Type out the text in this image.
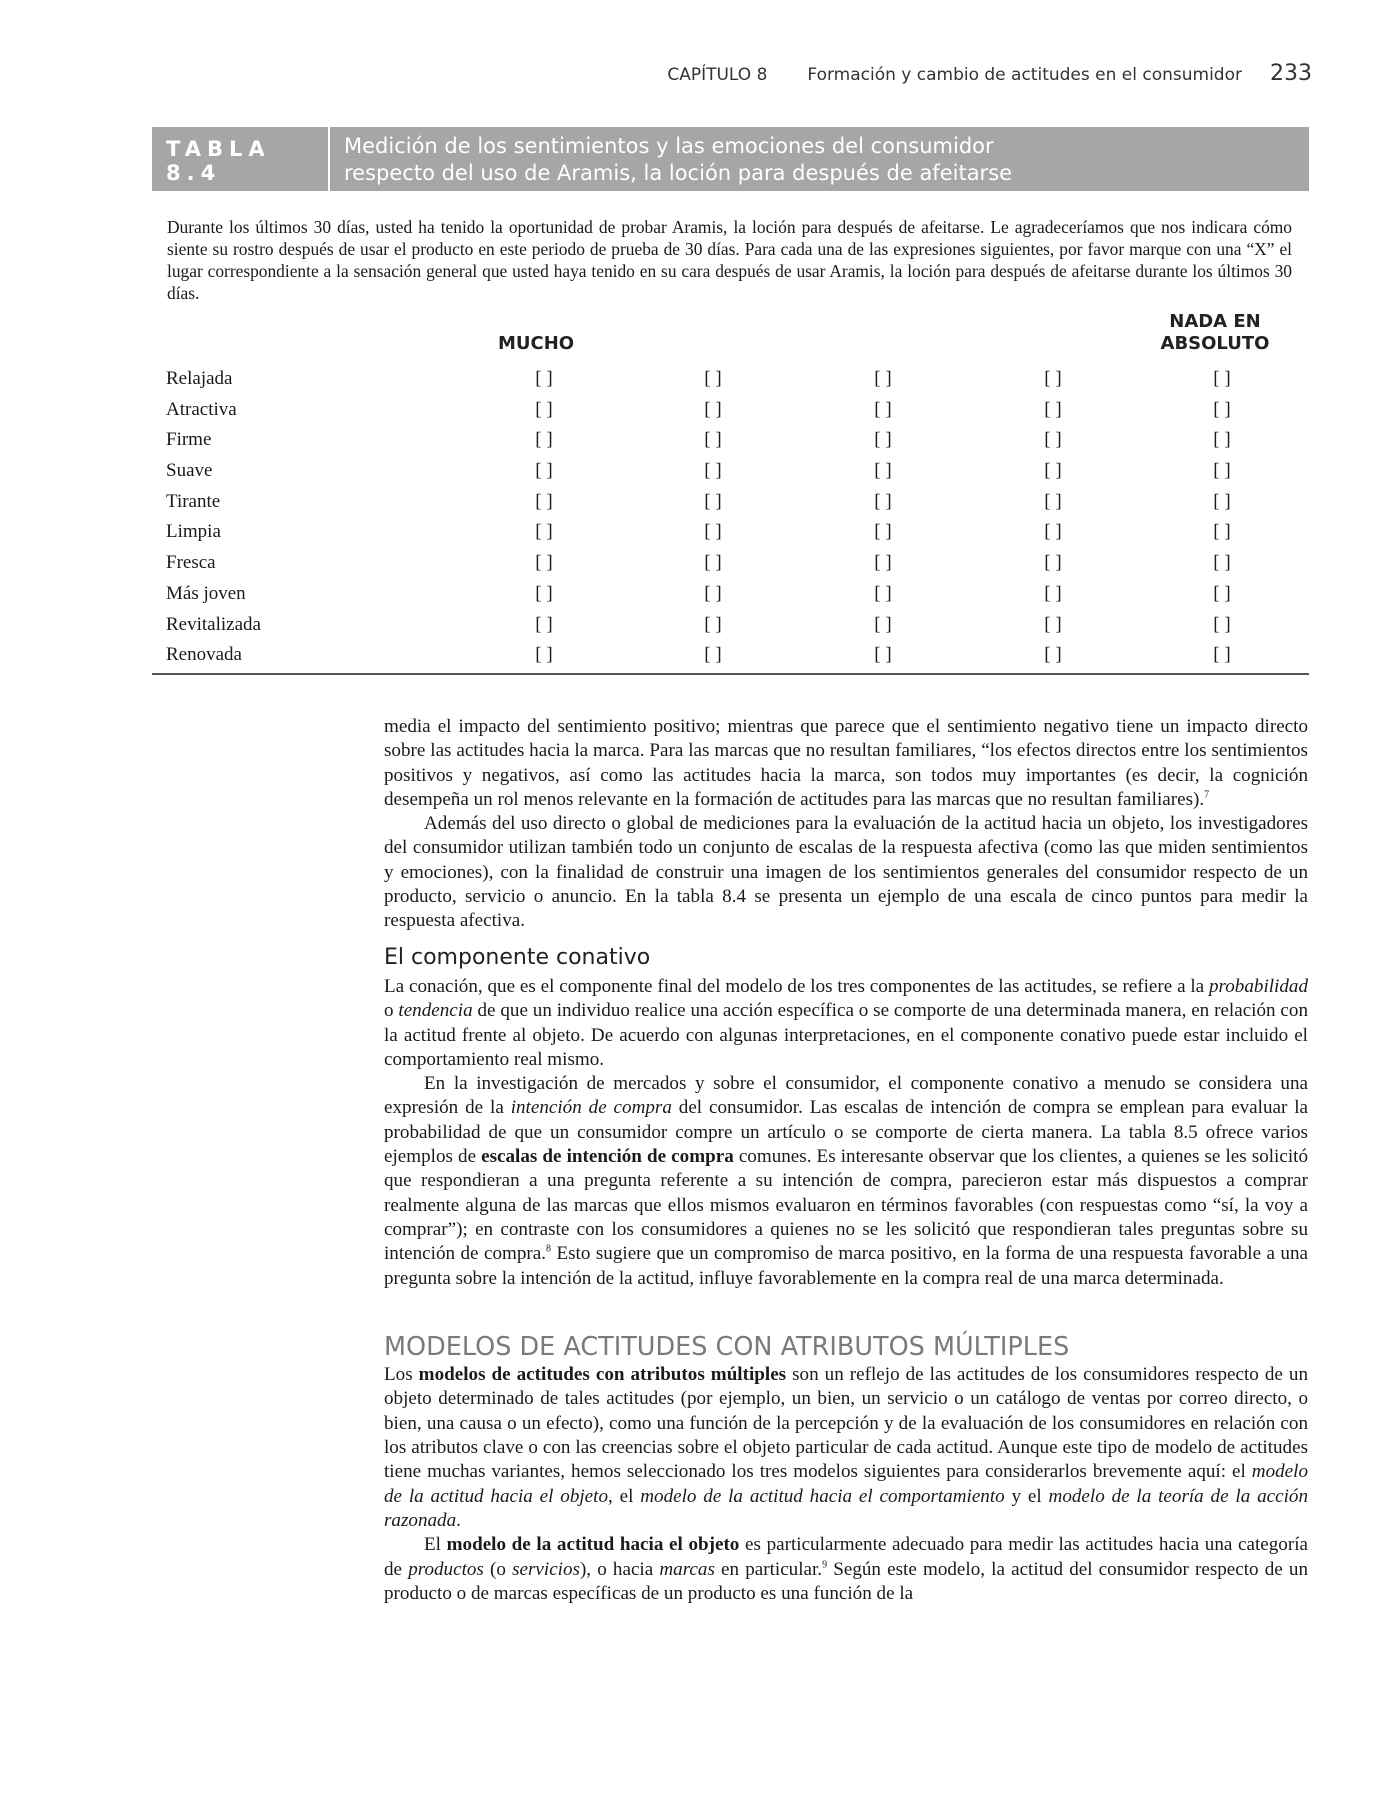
CAPÍTULO 8 Formación y cambio de actitudes en el consumidor 233
TABLA 8.4
Medición de los sentimientos y las emociones del consumidor
respecto del uso de Aramis, la loción para después de afeitarse
Durante los últimos 30 días, usted ha tenido la oportunidad de probar Aramis, la loción para después de afeitarse. Le agradeceríamos que nos indicara cómo siente su rostro después de usar el producto en este periodo de prueba de 30 días. Para cada una de las expresiones siguientes, por favor marque con una “X” el lugar correspondiente a la sensación general que usted haya tenido en su cara después de usar Aramis, la loción para después de afeitarse durante los últimos 30 días.
MUCHO
NADA EN
ABSOLUTO
Relajada	[ ]	[ ]	[ ]	[ ]	[ ]
Atractiva	[ ]	[ ]	[ ]	[ ]	[ ]
Firme	[ ]	[ ]	[ ]	[ ]	[ ]
Suave	[ ]	[ ]	[ ]	[ ]	[ ]
Tirante	[ ]	[ ]	[ ]	[ ]	[ ]
Limpia	[ ]	[ ]	[ ]	[ ]	[ ]
Fresca	[ ]	[ ]	[ ]	[ ]	[ ]
Más joven	[ ]	[ ]	[ ]	[ ]	[ ]
Revitalizada	[ ]	[ ]	[ ]	[ ]	[ ]
Renovada	[ ]	[ ]	[ ]	[ ]	[ ]

media el impacto del sentimiento positivo; mientras que parece que el sentimiento negativo tiene un impacto directo sobre las actitudes hacia la marca. Para las marcas que no resultan familiares, “los efectos directos entre los sentimientos positivos y negativos, así como las actitudes hacia la marca, son todos muy importantes (es decir, la cognición desempeña un rol menos relevante en la formación de actitudes para las marcas que no resultan familiares).$^7$

Además del uso directo o global de mediciones para la evaluación de la actitud hacia un objeto, los investigadores del consumidor utilizan también todo un conjunto de escalas de la respuesta afectiva (como las que miden sentimientos y emociones), con la finalidad de construir una imagen de los sentimientos generales del consumidor respecto de un producto, servicio o anuncio. En la tabla 8.4 se presenta un ejemplo de una escala de cinco puntos para medir la respuesta afectiva.

El componente conativo

La conación, que es el componente final del modelo de los tres componentes de las actitudes, se refiere a la probabilidad o tendencia de que un individuo realice una acción específica o se comporte de una determinada manera, en relación con la actitud frente al objeto. De acuerdo con algunas interpretaciones, en el componente conativo puede estar incluido el comportamiento real mismo.

En la investigación de mercados y sobre el consumidor, el componente conativo a menudo se considera una expresión de la intención de compra del consumidor. Las escalas de intención de compra se emplean para evaluar la probabilidad de que un consumidor compre un artículo o se comporte de cierta manera. La tabla 8.5 ofrece varios ejemplos de escalas de intención de compra comunes. Es interesante observar que los clientes, a quienes se les solicitó que respondieran a una pregunta referente a su intención de compra, parecieron estar más dispuestos a comprar realmente alguna de las marcas que ellos mismos evaluaron en términos favorables (con respuestas como “sí, la voy a comprar”); en contraste con los consumidores a quienes no se les solicitó que respondieran tales preguntas sobre su intención de compra.$^8$ Esto sugiere que un compromiso de marca positivo, en la forma de una respuesta favorable a una pregunta sobre la intención de la actitud, influye favorablemente en la compra real de una marca determinada.

MODELOS DE ACTITUDES CON ATRIBUTOS MÚLTIPLES

Los modelos de actitudes con atributos múltiples son un reflejo de las actitudes de los consumidores respecto de un objeto determinado de tales actitudes (por ejemplo, un bien, un servicio o un catálogo de ventas por correo directo, o bien, una causa o un efecto), como una función de la percepción y de la evaluación de los consumidores en relación con los atributos clave o con las creencias sobre el objeto particular de cada actitud. Aunque este tipo de modelo de actitudes tiene muchas variantes, hemos seleccionado los tres modelos siguientes para considerarlos brevemente aquí: el modelo de la actitud hacia el objeto, el modelo de la actitud hacia el comportamiento y el modelo de la teoría de la acción razonada.

El modelo de la actitud hacia el objeto es particularmente adecuado para medir las actitudes hacia una categoría de productos (o servicios), o hacia marcas en particular.$^9$ Según este modelo, la actitud del consumidor respecto de un producto o de marcas específicas de un producto es una función de la
